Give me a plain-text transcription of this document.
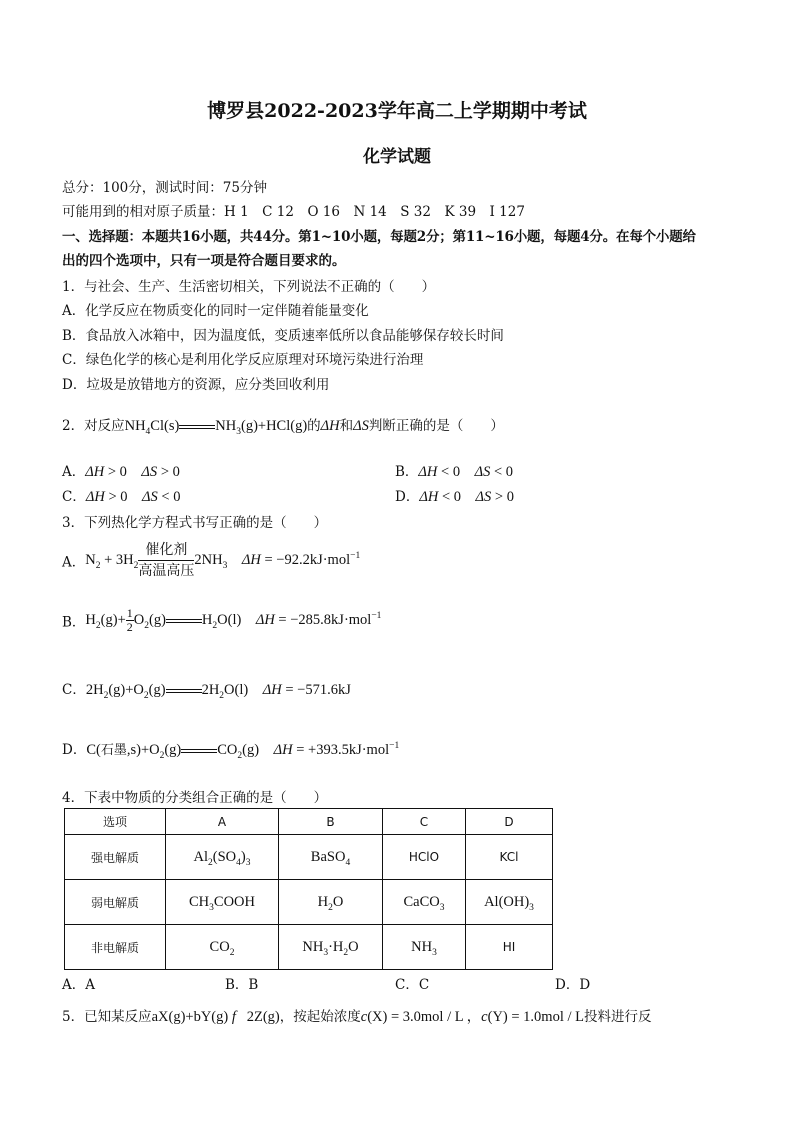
博罗县2022-2023学年高二上学期期中考试
化学试题
总分：100分，测试时间：75分钟
可能用到的相对原子质量：H 1　C 12　O 16　N 14　S 32　K 39　I 127
一、选择题：本题共16小题，共44分。第1~10小题，每题2分；第11~16小题，每题4分。在每个小题给
出的四个选项中，只有一项是符合题目要求的。
1．与社会、生产、生活密切相关，下列说法不正确的（　　）
A．化学反应在物质变化的同时一定伴随着能量变化
B．食品放入冰箱中，因为温度低，变质速率低所以食品能够保存较长时间
C．绿色化学的核心是利用化学反应原理对环境污染进行治理
D．垃圾是放错地方的资源，应分类回收利用
2．对反应$NH_4Cl(s)$ $NH_3(g)+HCl(g)$的ΔH和ΔS判断正确的是（　　）
A．ΔH > 0    ΔS > 0	B．ΔH < 0    ΔS < 0
C．ΔH > 0    ΔS < 0	D．ΔH < 0    ΔS > 0
3．下列热化学方程式书写正确的是（　　）
A．$N_2 + 3H_2$
催化剂
高温高压
$2NH_3$ ΔH = −92.2kJ·mol$^{-1}$
B．$H_2(g)+ \frac{1}{2} O_2(g)$ $H_2O(l)$    ΔH = −285.8kJ·mol$^{-1}$
C．$2H_2(g)+O_2(g)$ $2H_2O(l)$    ΔH = −571.6kJ
D．C(石墨$,s)+O_2(g)$ $CO_2(g)$    ΔH = +393.5kJ·mol$^{-1}$
4．下表中物质的分类组合正确的是（　　）
选项	A	B	C	D
强电解质	$Al_2(SO_4)_3$	BaSO$_4$	HClO	KCl
弱电解质	$CH_3COOH$	$H_2O$	CaCO$_3$	$Al(OH)_3$
非电解质	$CO_2$	$NH_3\cdot H_2O$	$NH_3$	HI
A．A	B．B	C．C	D．D
5．已知某反应aX(g)+bY(g) f   2Z(g)，按起始浓度c(X) = 3.0mol / L ，c(Y) = 1.0mol / L投料进行反
